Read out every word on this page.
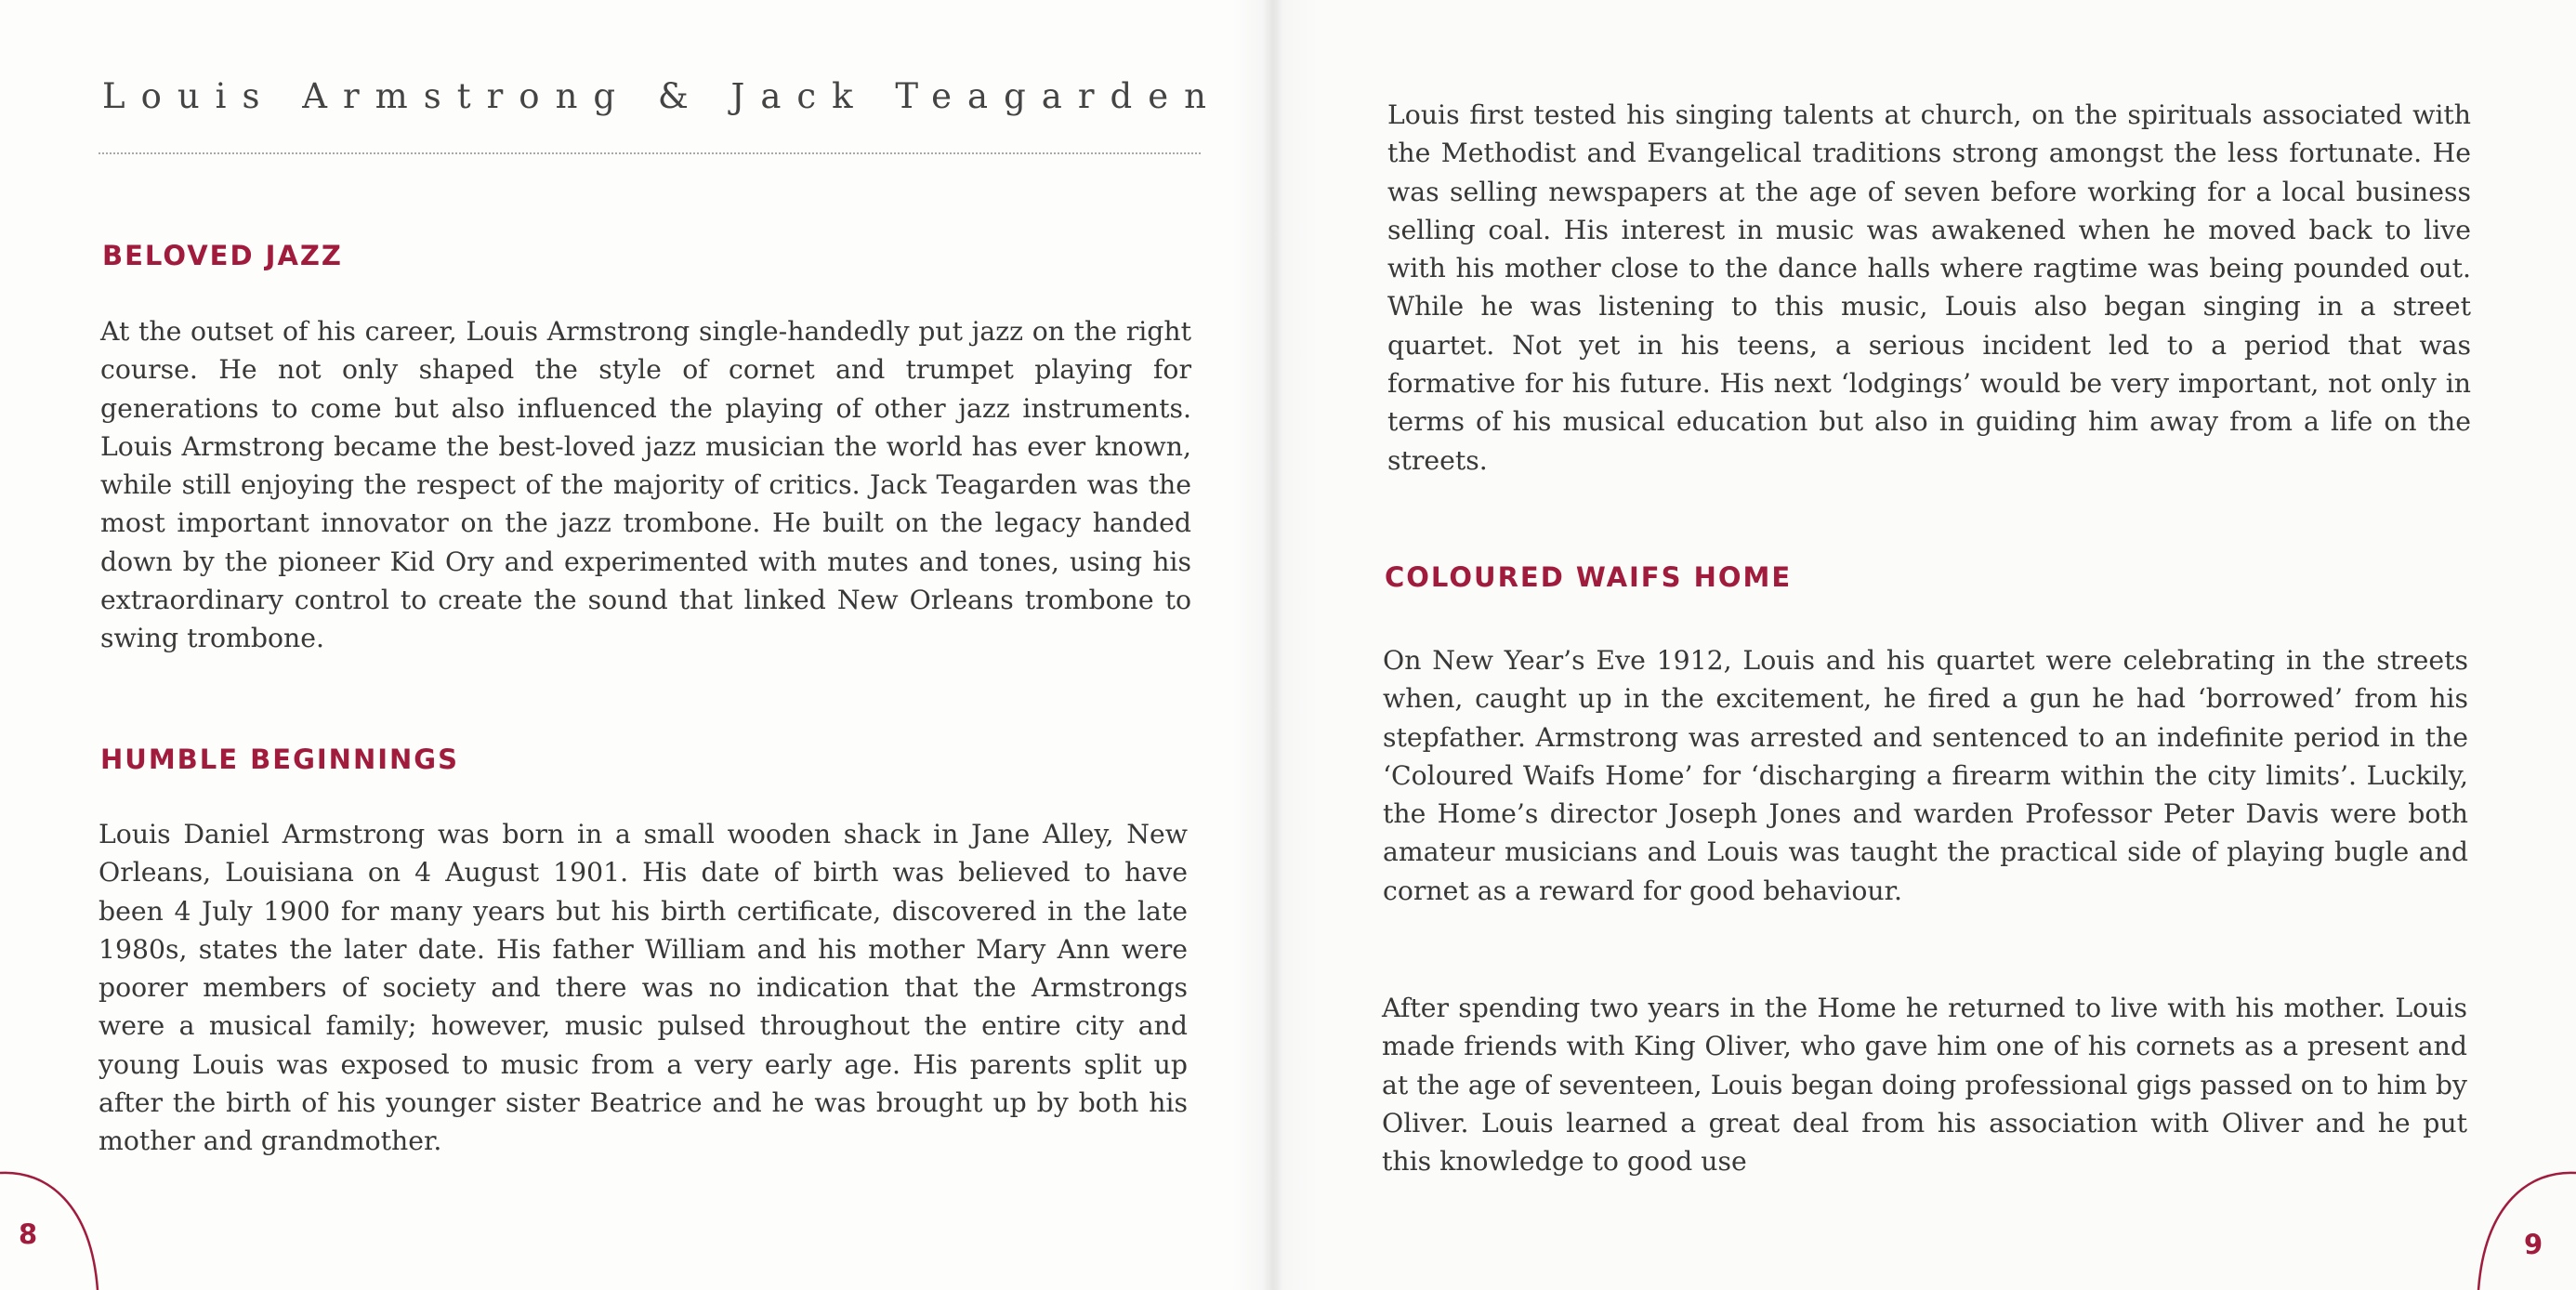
Louis Armstrong & Jack Teagarden
BELOVED JAZZ

At the outset of his career, Louis Armstrong single-handedly put jazz on the right course. He not only shaped the style of cornet and trumpet playing for generations to come but also influenced the playing of other jazz instruments. Louis Armstrong became the best-loved jazz musician the world has ever known, while still enjoying the respect of the majority of critics. Jack Teagarden was the most important innovator on the jazz trombone. He built on the legacy handed down by the pioneer Kid Ory and experimented with mutes and tones, using his extraordinary control to create the sound that linked New Orleans trombone to swing trombone.

HUMBLE BEGINNINGS

Louis Daniel Armstrong was born in a small wooden shack in Jane Alley, New Orleans, Louisiana on 4 August 1901. His date of birth was believed to have been 4 July 1900 for many years but his birth certificate, discovered in the late 1980s, states the later date. His father William and his mother Mary Ann were poorer members of society and there was no indication that the Armstrongs were a musical family; however, music pulsed throughout the entire city and young Louis was exposed to music from a very early age. His parents split up after the birth of his younger sister Beatrice and he was brought up by both his mother and grandmother.

8

Louis first tested his singing talents at church, on the spirituals associated with the Methodist and Evangelical traditions strong amongst the less fortunate. He was selling newspapers at the age of seven before working for a local business selling coal. His interest in music was awakened when he moved back to live with his mother close to the dance halls where ragtime was being pounded out. While he was listening to this music, Louis also began singing in a street quartet. Not yet in his teens, a serious incident led to a period that was formative for his future. His next ‘lodgings’ would be very important, not only in terms of his musical education but also in guiding him away from a life on the streets.

COLOURED WAIFS HOME

On New Year’s Eve 1912, Louis and his quartet were celebrating in the streets when, caught up in the excitement, he fired a gun he had ‘borrowed’ from his stepfather. Armstrong was arrested and sentenced to an indefinite period in the ‘Coloured Waifs Home’ for ‘discharging a firearm within the city limits’. Luckily, the Home’s director Joseph Jones and warden Professor Peter Davis were both amateur musicians and Louis was taught the practical side of playing bugle and cornet as a reward for good behaviour.

After spending two years in the Home he returned to live with his mother. Louis made friends with King Oliver, who gave him one of his cornets as a present and at the age of seventeen, Louis began doing professional gigs passed on to him by Oliver. Louis learned a great deal from his association with Oliver and he put this knowledge to good use

9
